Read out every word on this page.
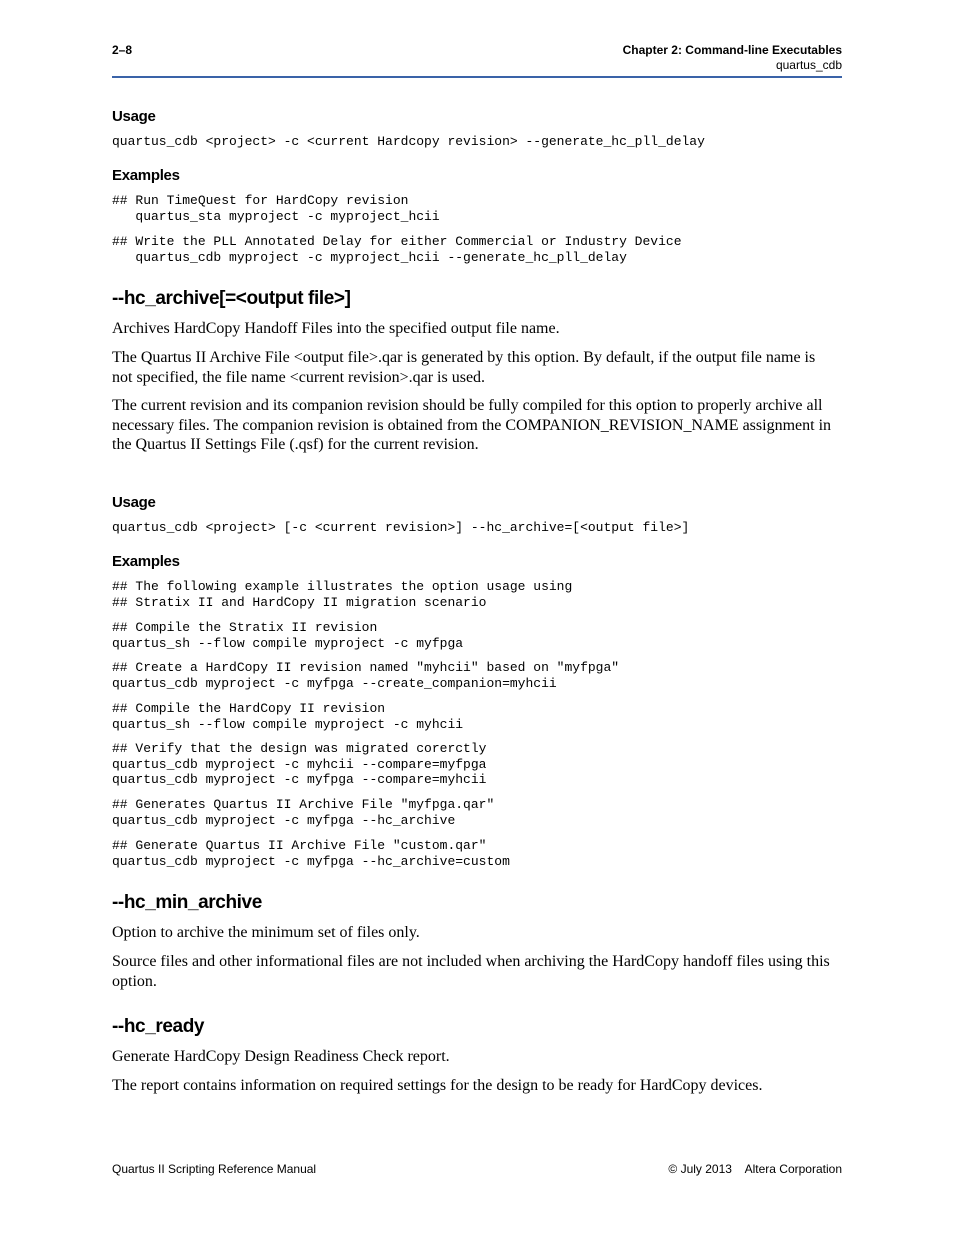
2–8	Chapter 2: Command-line Executables
quartus_cdb
Usage
quartus_cdb <project> -c <current Hardcopy revision> --generate_hc_pll_delay
Examples
## Run TimeQuest for HardCopy revision
quartus_sta myproject -c myproject_hcii
## Write the PLL Annotated Delay for either Commercial or Industry Device
quartus_cdb myproject -c myproject_hcii --generate_hc_pll_delay
--hc_archive[=<output file>]
Archives HardCopy Handoff Files into the specified output file name.
The Quartus II Archive File <output file>.qar is generated by this option. By default, if the output file name is not specified, the file name <current revision>.qar is used.
The current revision and its companion revision should be fully compiled for this option to properly archive all necessary files. The companion revision is obtained from the COMPANION_REVISION_NAME assignment in the Quartus II Settings File (.qsf) for the current revision.
Usage
quartus_cdb <project> [-c <current revision>] --hc_archive=[<output file>]
Examples
## The following example illustrates the option usage using
## Stratix II and HardCopy II migration scenario
## Compile the Stratix II revision
quartus_sh --flow compile myproject -c myfpga
## Create a HardCopy II revision named "myhcii" based on "myfpga"
quartus_cdb myproject -c myfpga --create_companion=myhcii
## Compile the HardCopy II revision
quartus_sh --flow compile myproject -c myhcii
## Verify that the design was migrated corerctly
quartus_cdb myproject -c myhcii --compare=myfpga
quartus_cdb myproject -c myfpga --compare=myhcii
## Generates Quartus II Archive File "myfpga.qar"
quartus_cdb myproject -c myfpga --hc_archive
## Generate Quartus II Archive File "custom.qar"
quartus_cdb myproject -c myfpga --hc_archive=custom
--hc_min_archive
Option to archive the minimum set of files only.
Source files and other informational files are not included when archiving the HardCopy handoff files using this option.
--hc_ready
Generate HardCopy Design Readiness Check report.
The report contains information on required settings for the design to be ready for HardCopy devices.
Quartus II Scripting Reference Manual	© July 2013    Altera Corporation
